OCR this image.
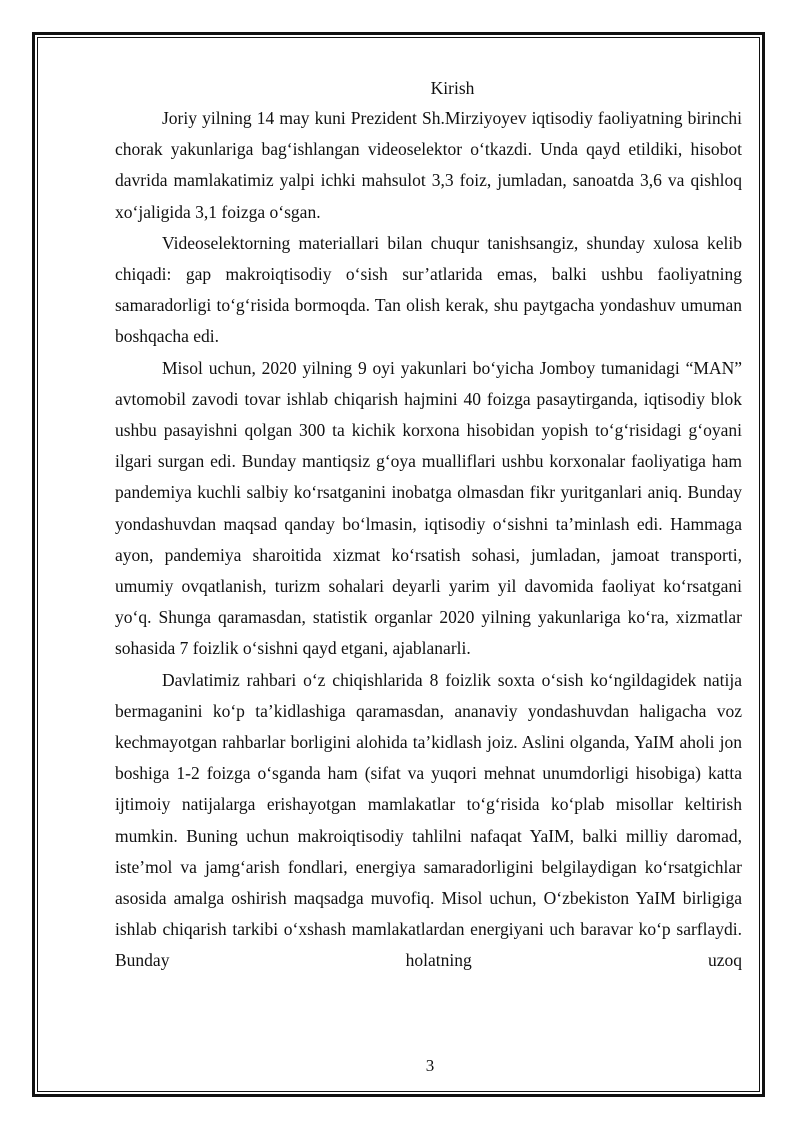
Kirish

Joriy yilning 14 may kuni Prezident Sh.Mirziyoyev iqtisodiy faoliyatning birinchi chorak yakunlariga bag‘ishlangan videoselektor o‘tkazdi. Unda qayd etildiki, hisobot davrida mamlakatimiz yalpi ichki mahsulot 3,3 foiz, jumladan, sanoatda 3,6 va qishloq xo‘jaligida 3,1 foizga o‘sgan.

Videoselektorning materiallari bilan chuqur tanishsangiz, shunday xulosa kelib chiqadi: gap makroiqtisodiy o‘sish sur’atlarida emas, balki ushbu faoliyatning samaradorligi to‘g‘risida bormoqda. Tan olish kerak, shu paytgacha yondashuv umuman boshqacha edi.

Misol uchun, 2020 yilning 9 oyi yakunlari bo‘yicha Jomboy tumanidagi “MAN” avtomobil zavodi tovar ishlab chiqarish hajmini 40 foizga pasaytirganda, iqtisodiy blok ushbu pasayishni qolgan 300 ta kichik korxona hisobidan yopish to‘g‘risidagi g‘oyani ilgari surgan edi. Bunday mantiqsiz g‘oya mualliflari ushbu korxonalar faoliyatiga ham pandemiya kuchli salbiy ko‘rsatganini inobatga olmasdan fikr yuritganlari aniq. Bunday yondashuvdan maqsad qanday bo‘lmasin, iqtisodiy o‘sishni ta’minlash edi. Hammaga ayon, pandemiya sharoitida xizmat ko‘rsatish sohasi, jumladan, jamoat transporti, umumiy ovqatlanish, turizm sohalari deyarli yarim yil davomida faoliyat ko‘rsatgani yo‘q. Shunga qaramasdan, statistik organlar 2020 yilning yakunlariga ko‘ra, xizmatlar sohasida 7 foizlik o‘sishni qayd etgani, ajablanarli.

Davlatimiz rahbari o‘z chiqishlarida 8 foizlik soxta o‘sish ko‘ngildagidek natija bermaganini ko‘p ta’kidlashiga qaramasdan, ananaviy yondashuvdan haligacha voz kechmayotgan rahbarlar borligini alohida ta’kidlash joiz. Aslini olganda, YaIM aholi jon boshiga 1-2 foizga o‘sganda ham (sifat va yuqori mehnat unumdorligi hisobiga) katta ijtimoiy natijalarga erishayotgan mamlakatlar to‘g‘risida ko‘plab misollar keltirish mumkin. Buning uchun makroiqtisodiy tahlilni nafaqat YaIM, balki milliy daromad, iste’mol va jamg‘arish fondlari, energiya samaradorligini belgilaydigan ko‘rsatgichlar asosida amalga oshirish maqsadga muvofiq. Misol uchun, O‘zbekiston YaIM birligiga ishlab chiqarish tarkibi o‘xshash mamlakatlardan energiyani uch baravar ko‘p sarflaydi. Bunday holatning uzoq

3
